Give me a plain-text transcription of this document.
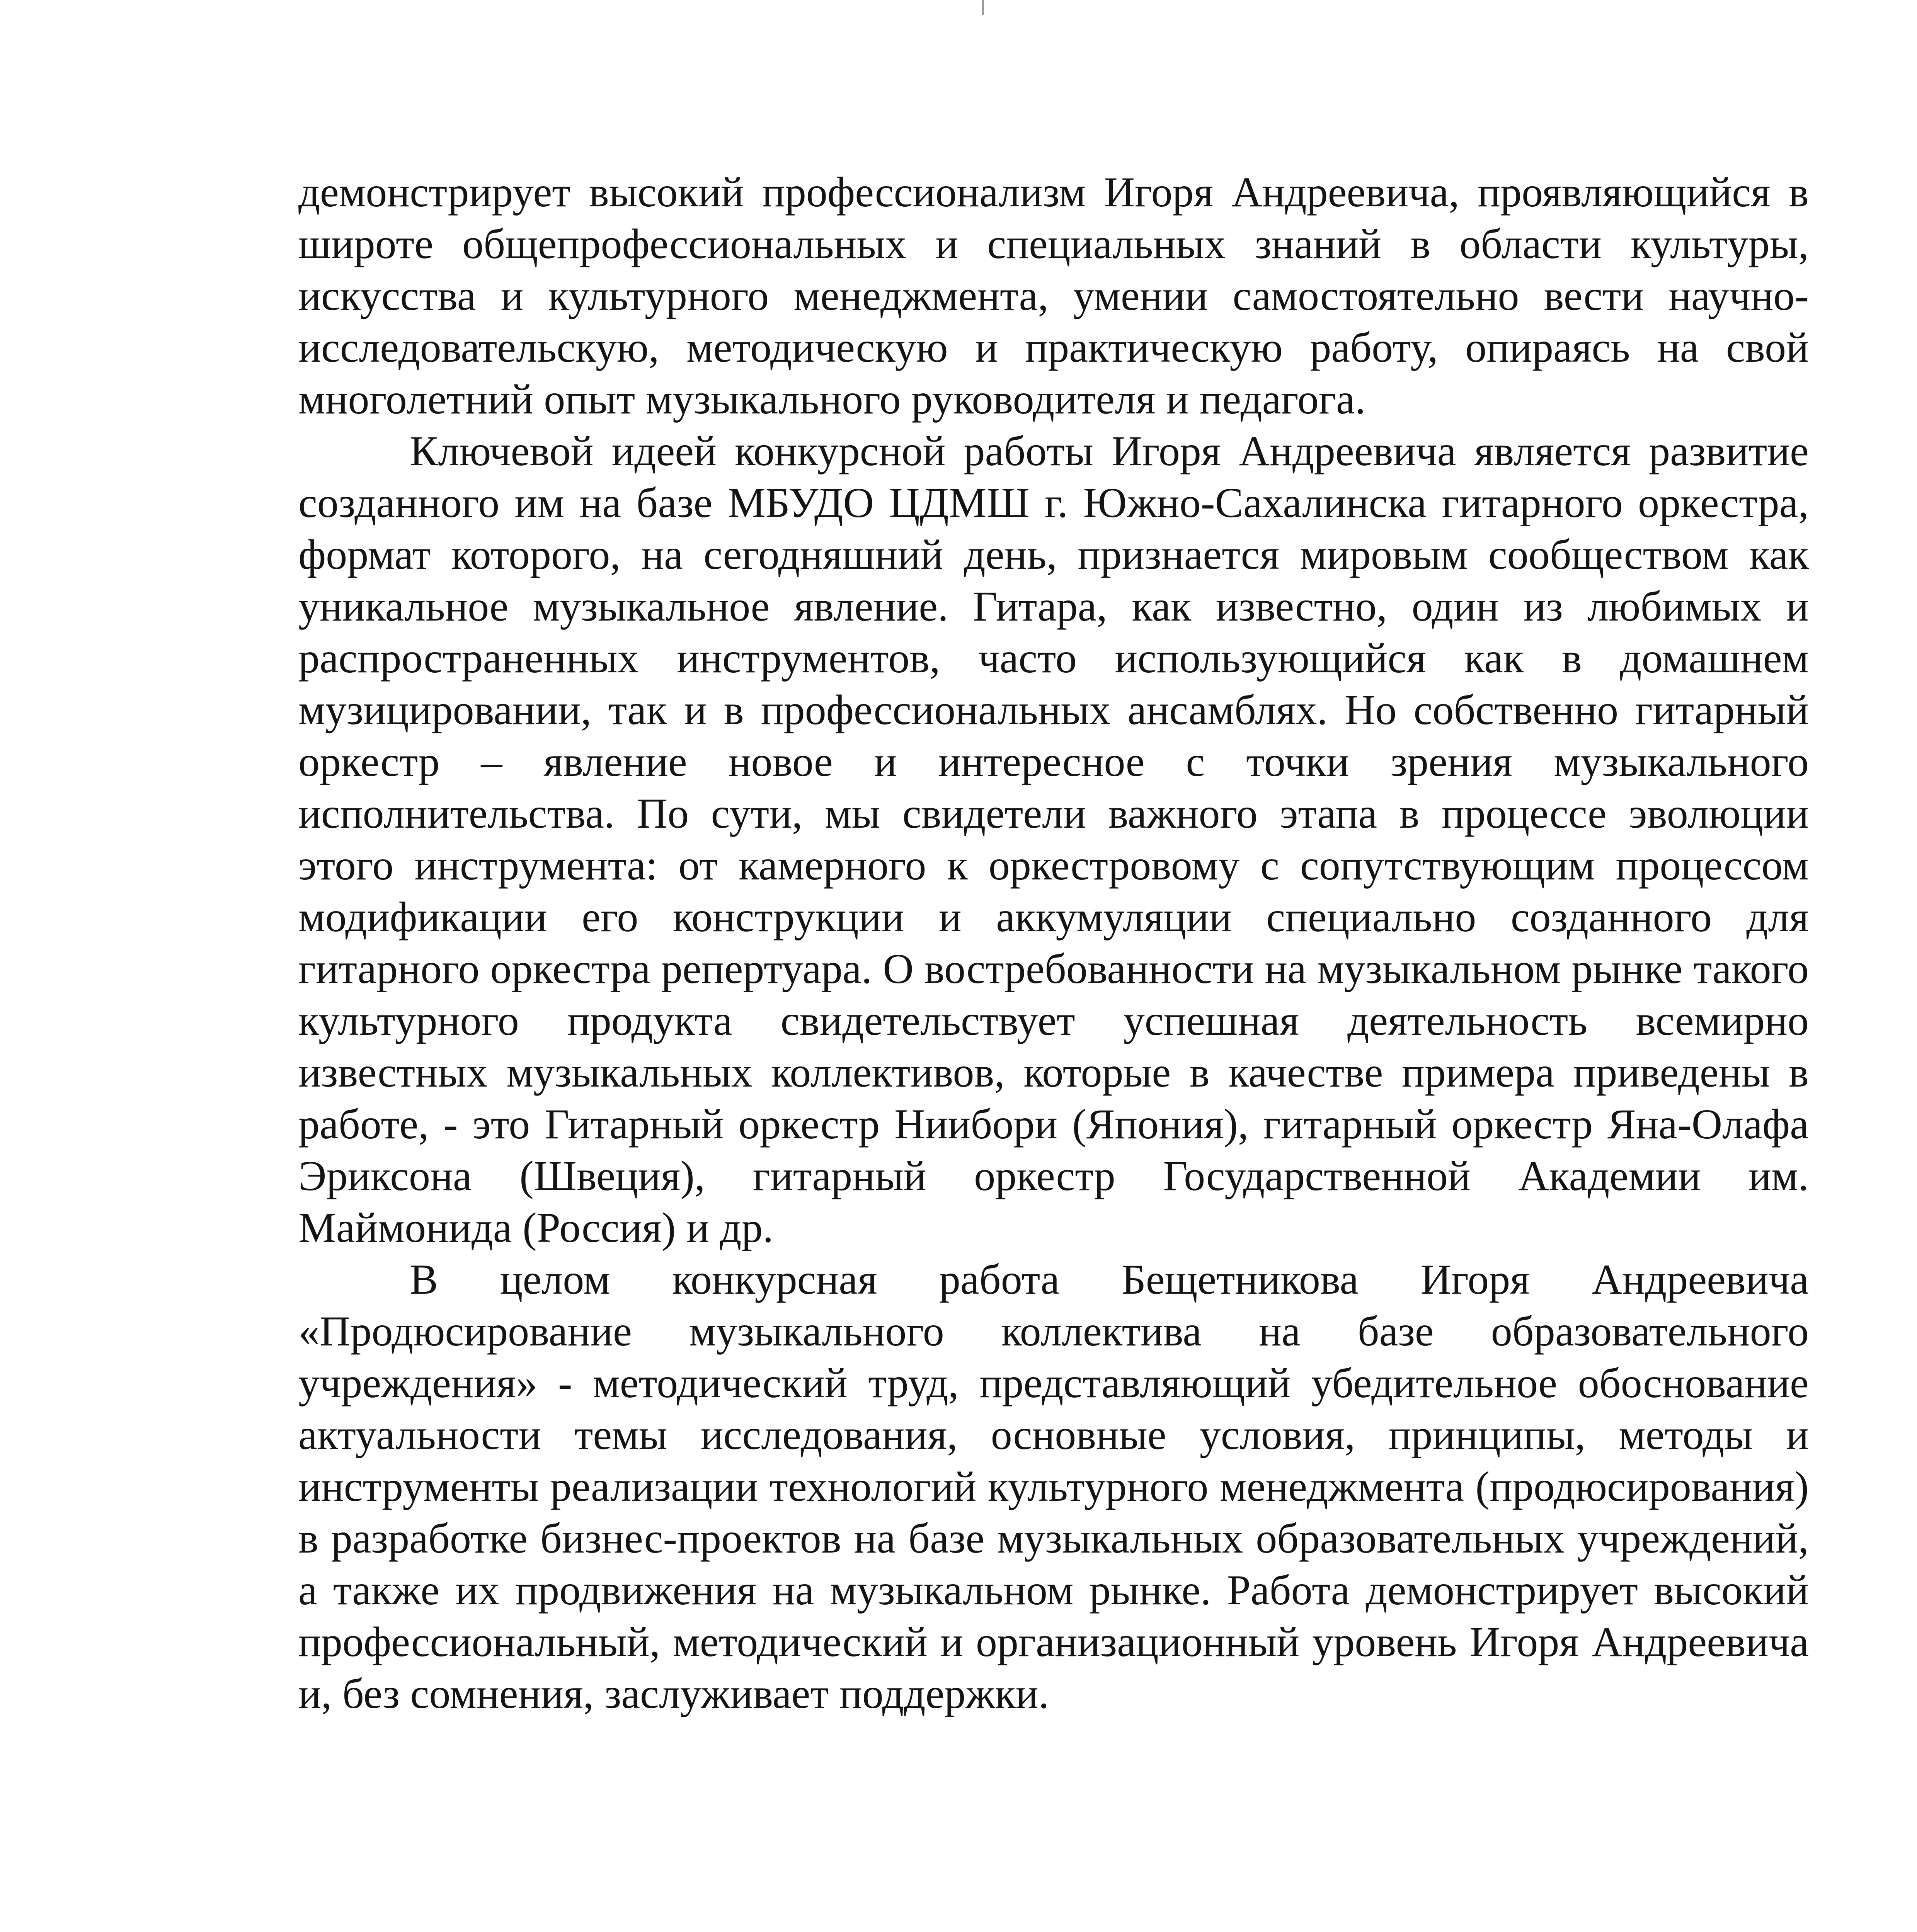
демонстрирует высокий профессионализм Игоря Андреевича, проявляющийся в широте общепрофессиональных и специальных знаний в области культуры, искусства и культурного менеджмента, умении самостоятельно вести научно-исследовательскую, методическую и практическую работу, опираясь на свой многолетний опыт музыкального руководителя и педагога.

Ключевой идеей конкурсной работы Игоря Андреевича является развитие созданного им на базе МБУДО ЦДМШ г. Южно-Сахалинска гитарного оркестра, формат которого, на сегодняшний день, признается мировым сообществом как уникальное музыкальное явление. Гитара, как известно, один из любимых и распространенных инструментов, часто использующийся как в домашнем музицировании, так и в профессиональных ансамблях. Но собственно гитарный оркестр – явление новое и интересное с точки зрения музыкального исполнительства. По сути, мы свидетели важного этапа в процессе эволюции этого инструмента: от камерного к оркестровому с сопутствующим процессом модификации его конструкции и аккумуляции специально созданного для гитарного оркестра репертуара. О востребованности на музыкальном рынке такого культурного продукта свидетельствует успешная деятельность всемирно известных музыкальных коллективов, которые в качестве примера приведены в работе, - это Гитарный оркестр Ниибори (Япония), гитарный оркестр Яна-Олафа Эриксона (Швеция), гитарный оркестр Государственной Академии им. Маймонида (Россия) и др.

В целом конкурсная работа Бещетникова Игоря Андреевича «Продюсирование музыкального коллектива на базе образовательного учреждения» - методический труд, представляющий убедительное обоснование актуальности темы исследования, основные условия, принципы, методы и инструменты реализации технологий культурного менеджмента (продюсирования) в разработке бизнес-проектов на базе музыкальных образовательных учреждений, а также их продвижения на музыкальном рынке. Работа демонстрирует высокий профессиональный, методический и организационный уровень Игоря Андреевича и, без сомнения, заслуживает поддержки.
